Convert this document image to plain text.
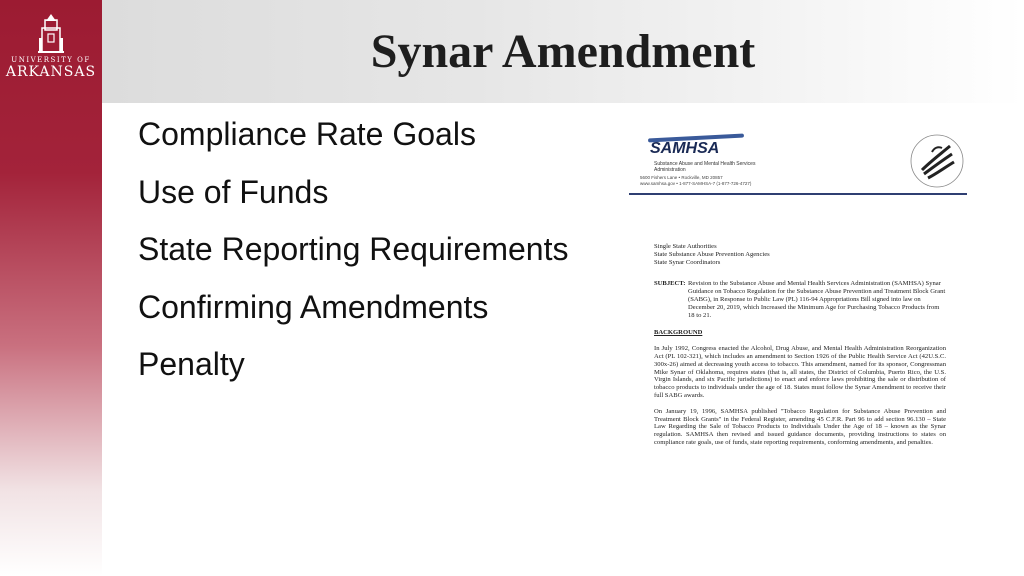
UNIVERSITY OF
ARKANSAS	Synar Amendment
Compliance Rate Goals
Use of Funds
State Reporting Requirements
Confirming Amendments
Penalty
SAMHSA
Substance Abuse and Mental Health Services Administration
5600 Fishers Lane • Rockville, MD 20857
www.samhsa.gov • 1-877-SAMHSA-7 (1-877-726-4727)
Single State Authorities
State Substance Abuse Prevention Agencies
State Synar Coordinators
SUBJECT: Revision to the Substance Abuse and Mental Health Services Administration (SAMHSA) Synar Guidance on Tobacco Regulation for the Substance Abuse Prevention and Treatment Block Grant (SABG), in Response to Public Law (PL) 116-94 Appropriations Bill signed into law on December 20, 2019, which Increased the Minimum Age for Purchasing Tobacco Products from 18 to 21.
BACKGROUND
In July 1992, Congress enacted the Alcohol, Drug Abuse, and Mental Health Administration Reorganization Act (PL 102-321), which includes an amendment to Section 1926 of the Public Health Service Act (42U.S.C. 300x-26) aimed at decreasing youth access to tobacco. This amendment, named for its sponsor, Congressman Mike Synar of Oklahoma, requires states (that is, all states, the District of Columbia, Puerto Rico, the U.S. Virgin Islands, and six Pacific jurisdictions) to enact and enforce laws prohibiting the sale or distribution of tobacco products to individuals under the age of 18. States must follow the Synar Amendment to receive their full SABG awards.
On January 19, 1996, SAMHSA published "Tobacco Regulation for Substance Abuse Prevention and Treatment Block Grants" in the Federal Register, amending 45 C.F.R. Part 96 to add section 96.130 – State Law Regarding the Sale of Tobacco Products to Individuals Under the Age of 18 – known as the Synar regulation. SAMHSA then revised and issued guidance documents, providing instructions to states on compliance rate goals, use of funds, state reporting requirements, conforming amendments, and penalties.
